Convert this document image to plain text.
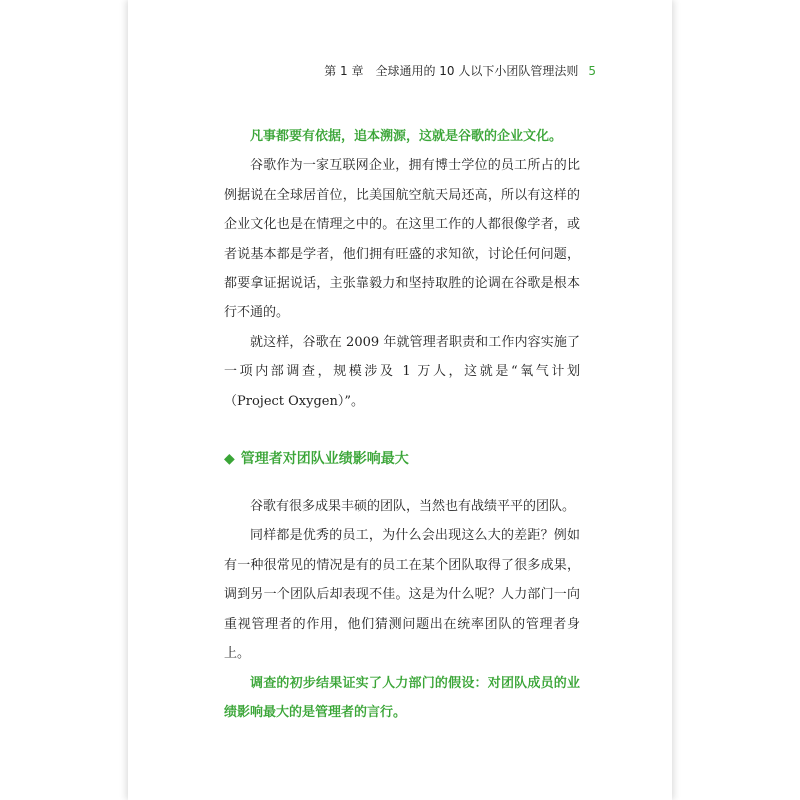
第 1 章　全球通用的 10 人以下小团队管理法则 5

凡事都要有依据，追本溯源，这就是谷歌的企业文化。

谷歌作为一家互联网企业，拥有博士学位的员工所占的比例据说在全球居首位，比美国航空航天局还高，所以有这样的企业文化也是在情理之中的。在这里工作的人都很像学者，或者说基本都是学者，他们拥有旺盛的求知欲，讨论任何问题，都要拿证据说话，主张靠毅力和坚持取胜的论调在谷歌是根本行不通的。

就这样，谷歌在 2009 年就管理者职责和工作内容实施了一项内部调查，规模涉及 1 万人，这就是“氧气计划（Project Oxygen）”。

◆ 管理者对团队业绩影响最大

谷歌有很多成果丰硕的团队，当然也有战绩平平的团队。

同样都是优秀的员工，为什么会出现这么大的差距？例如有一种很常见的情况是有的员工在某个团队取得了很多成果，调到另一个团队后却表现不佳。这是为什么呢？人力部门一向重视管理者的作用，他们猜测问题出在统率团队的管理者身上。

调查的初步结果证实了人力部门的假设：对团队成员的业绩影响最大的是管理者的言行。
